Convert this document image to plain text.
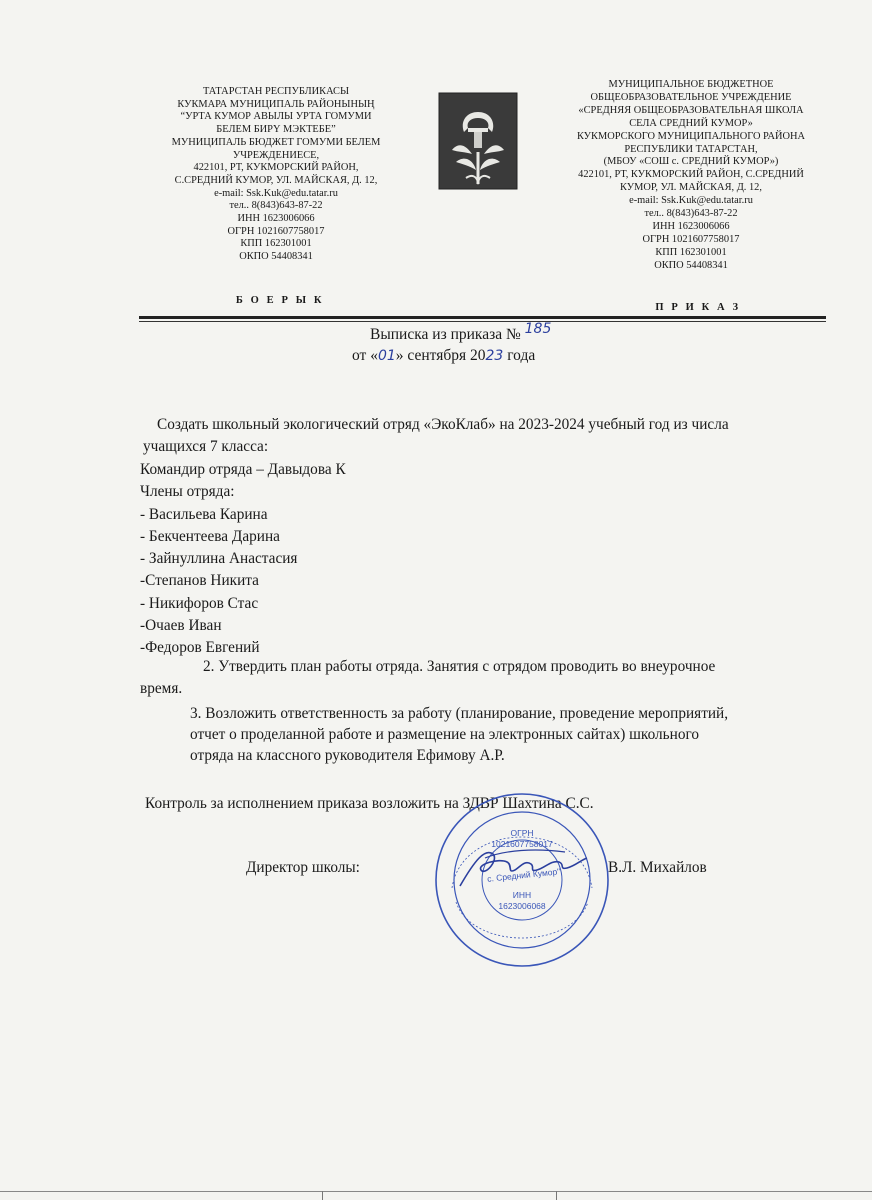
ТАТАРСТАН РЕСПУБЛИКАСЫ
КУКМАРА МУНИЦИПАЛЬ РАЙОНЫНЫҢ
“УРТА КУМОР АВЫЛЫ УРТА ГОМУМИ
БЕЛЕМ БИРҮ МЭКТЕБЕ”
МУНИЦИПАЛЬ БЮДЖЕТ ГОМУМИ БЕЛЕМ
УЧРЕЖДЕНИЕСЕ,
422101, РТ, КУКМОРСКИЙ РАЙОН,
С.СРЕДНИЙ КУМОР, УЛ. МАЙСКАЯ, Д. 12,
e-mail: Ssk.Kuk@edu.tatar.ru
тел.. 8(843)643-87-22
ИНН 1623006066
ОГРН 1021607758017
КПП 162301001
ОКПО 54408341
МУНИЦИПАЛЬНОЕ БЮДЖЕТНОЕ
ОБЩЕОБРАЗОВАТЕЛЬНОЕ УЧРЕЖДЕНИЕ
«СРЕДНЯЯ ОБЩЕОБРАЗОВАТЕЛЬНАЯ ШКОЛА
СЕЛА СРЕДНИЙ КУМОР»
КУКМОРСКОГО МУНИЦИПАЛЬНОГО РАЙОНА
РЕСПУБЛИКИ ТАТАРСТАН,
(МБОУ «СОШ с. СРЕДНИЙ КУМОР»)
422101, РТ, КУКМОРСКИЙ РАЙОН, С.СРЕДНИЙ
КУМОР, УЛ. МАЙСКАЯ, Д. 12,
e-mail: Ssk.Kuk@edu.tatar.ru
тел.. 8(843)643-87-22
ИНН 1623006066
ОГРН 1021607758017
КПП 162301001
ОКПО 54408341
Б О Е Р Ы К
П Р И К А З
Выписка из приказа № 185
от «01» сентября 2023 года
Создать школьный экологический отряд «ЭкоКлаб» на 2023-2024 учебный год из числа
учащихся 7 класса:
Командир отряда – Давыдова К
Члены отряда:
- Васильева Карина
- Бекчентеева Дарина
- Зайнуллина Анастасия
-Степанов Никита
- Никифоров Стас
-Очаев Иван
-Федоров Евгений
2. Утвердить план работы отряда. Занятия с отрядом проводить во внеурочное
время.
3. Возложить ответственность за работу (планирование, проведение мероприятий,
отчет о проделанной работе и размещение на электронных сайтах) школьного
отряда на классного руководителя Ефимову А.Р.
Контроль за исполнением приказа возложить на ЗДВР Шахтина С.С.
ОГРН
1021607758017
с. Средний Кумор"
ИНН
1623006068
Директор школы:	В.Л. Михайлов
